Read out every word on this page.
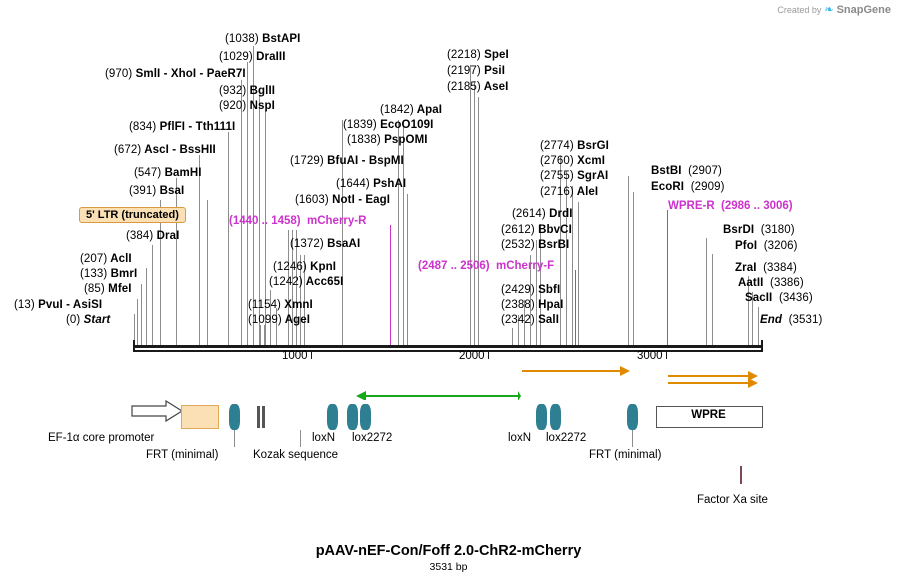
Created by ❧ SnapGene
(1038) BstAPI
(1029) DraIII
(970) SmlI - XhoI - PaeR7I
(932) BglII
(920) NspI
(834) PflFI - Tth111I
(672) AscI - BssHII
(547) BamHI
(391) BsaI
(384) DraI
(207) AclI
(133) BmrI
(85) MfeI
(13) PvuI - AsiSI
(0) Start
(1729) BfuAI - BspMI
(1603) NotI - EagI
(1372) BsaAI
(1246) KpnI
(1242) Acc65I
(1154) XmnI
(1099) AgeI
(1842) ApaI
(1839) EcoO109I
(1838) PspOMI
(1644) PshAI
(2218) SpeI
(2197) PsiI
(2185) AseI
(2774) BsrGI
(2760) XcmI
(2755) SgrAI
(2716) AleI
(2614) DrdI
(2612) BbvCI
(2532) BsrBI
(2429) SbfI
(2388) HpaI
(2342) SalI
BstBI (2907)
EcoRI (2909)
BsrDI (3180)
PfoI (3206)
ZraI (3384)
AatII (3386)
SacII (3436)
End (3531)
(1440 .. 1458) mCherry-R
(2487 .. 2506) mCherry-F
WPRE-R (2986 .. 3006)
5' LTR (truncated)
1000	2000	3000
WPRE
EF-1α core promoter
FRT (minimal)	Kozak sequence
loxN lox2272	loxN lox2272
FRT (minimal)
Factor Xa site
pAAV-nEF-Con/Foff 2.0-ChR2-mCherry
3531 bp
